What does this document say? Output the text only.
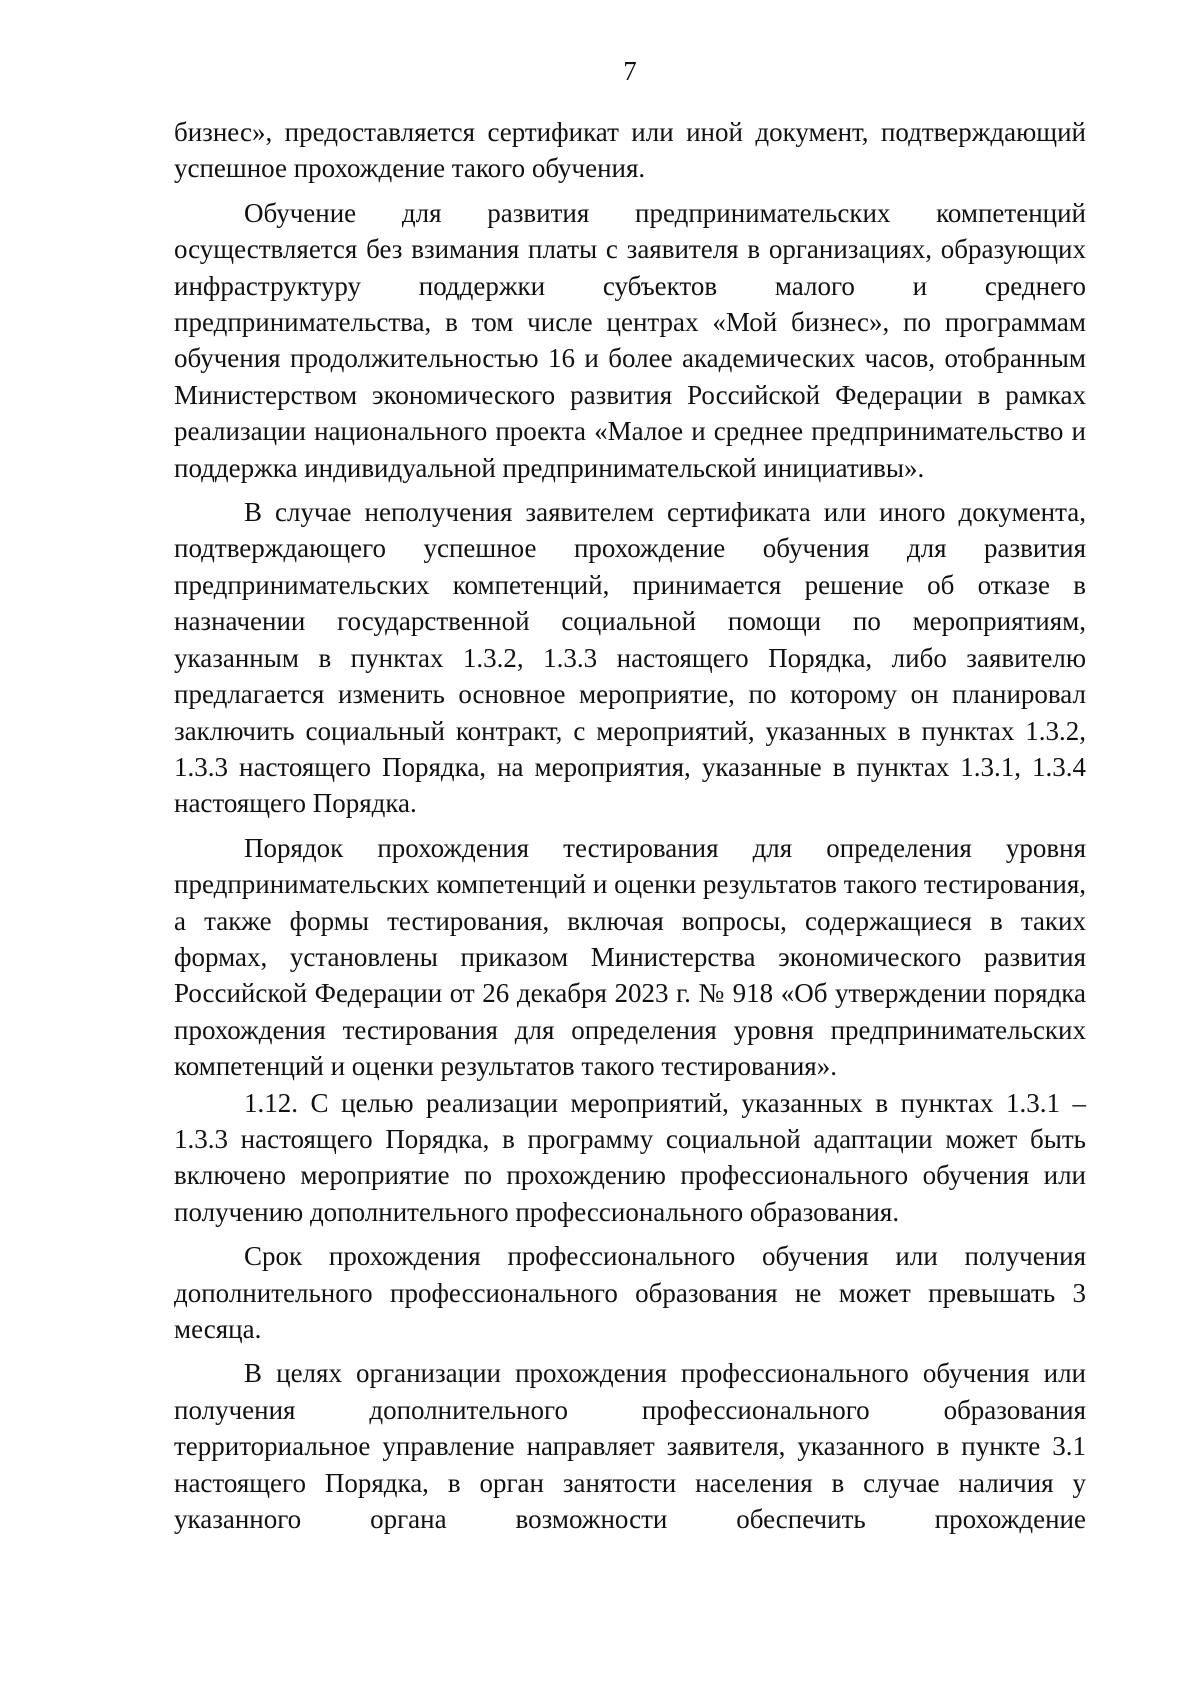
7

бизнес», предоставляется сертификат или иной документ, подтверждающий успешное прохождение такого обучения.

Обучение для развития предпринимательских компетенций осуществляется без взимания платы с заявителя в организациях, образующих инфраструктуру поддержки субъектов малого и среднего предпринимательства, в том числе центрах «Мой бизнес», по программам обучения продолжительностью 16 и более академических часов, отобранным Министерством экономического развития Российской Федерации в рамках реализации национального проекта «Малое и среднее предпринимательство и поддержка индивидуальной предпринимательской инициативы».

В случае неполучения заявителем сертификата или иного документа, подтверждающего успешное прохождение обучения для развития предпринимательских компетенций, принимается решение об отказе в назначении государственной социальной помощи по мероприятиям, указанным в пунктах 1.3.2, 1.3.3 настоящего Порядка, либо заявителю предлагается изменить основное мероприятие, по которому он планировал заключить социальный контракт, с мероприятий, указанных в пунктах 1.3.2, 1.3.3 настоящего Порядка, на мероприятия, указанные в пунктах 1.3.1, 1.3.4 настоящего Порядка.

Порядок прохождения тестирования для определения уровня предпринимательских компетенций и оценки результатов такого тестирования, а также формы тестирования, включая вопросы, содержащиеся в таких формах, установлены приказом Министерства экономического развития Российской Федерации от 26 декабря 2023 г. № 918 «Об утверждении порядка прохождения тестирования для определения уровня предпринимательских компетенций и оценки результатов такого тестирования».

1.12. С целью реализации мероприятий, указанных в пунктах 1.3.1 – 1.3.3 настоящего Порядка, в программу социальной адаптации может быть включено мероприятие по прохождению профессионального обучения или получению дополнительного профессионального образования.

Срок прохождения профессионального обучения или получения дополнительного профессионального образования не может превышать 3 месяца.

В целях организации прохождения профессионального обучения или получения дополнительного профессионального образования территориальное управление направляет заявителя, указанного в пункте 3.1 настоящего Порядка, в орган занятости населения в случае наличия у указанного органа возможности обеспечить прохождение
